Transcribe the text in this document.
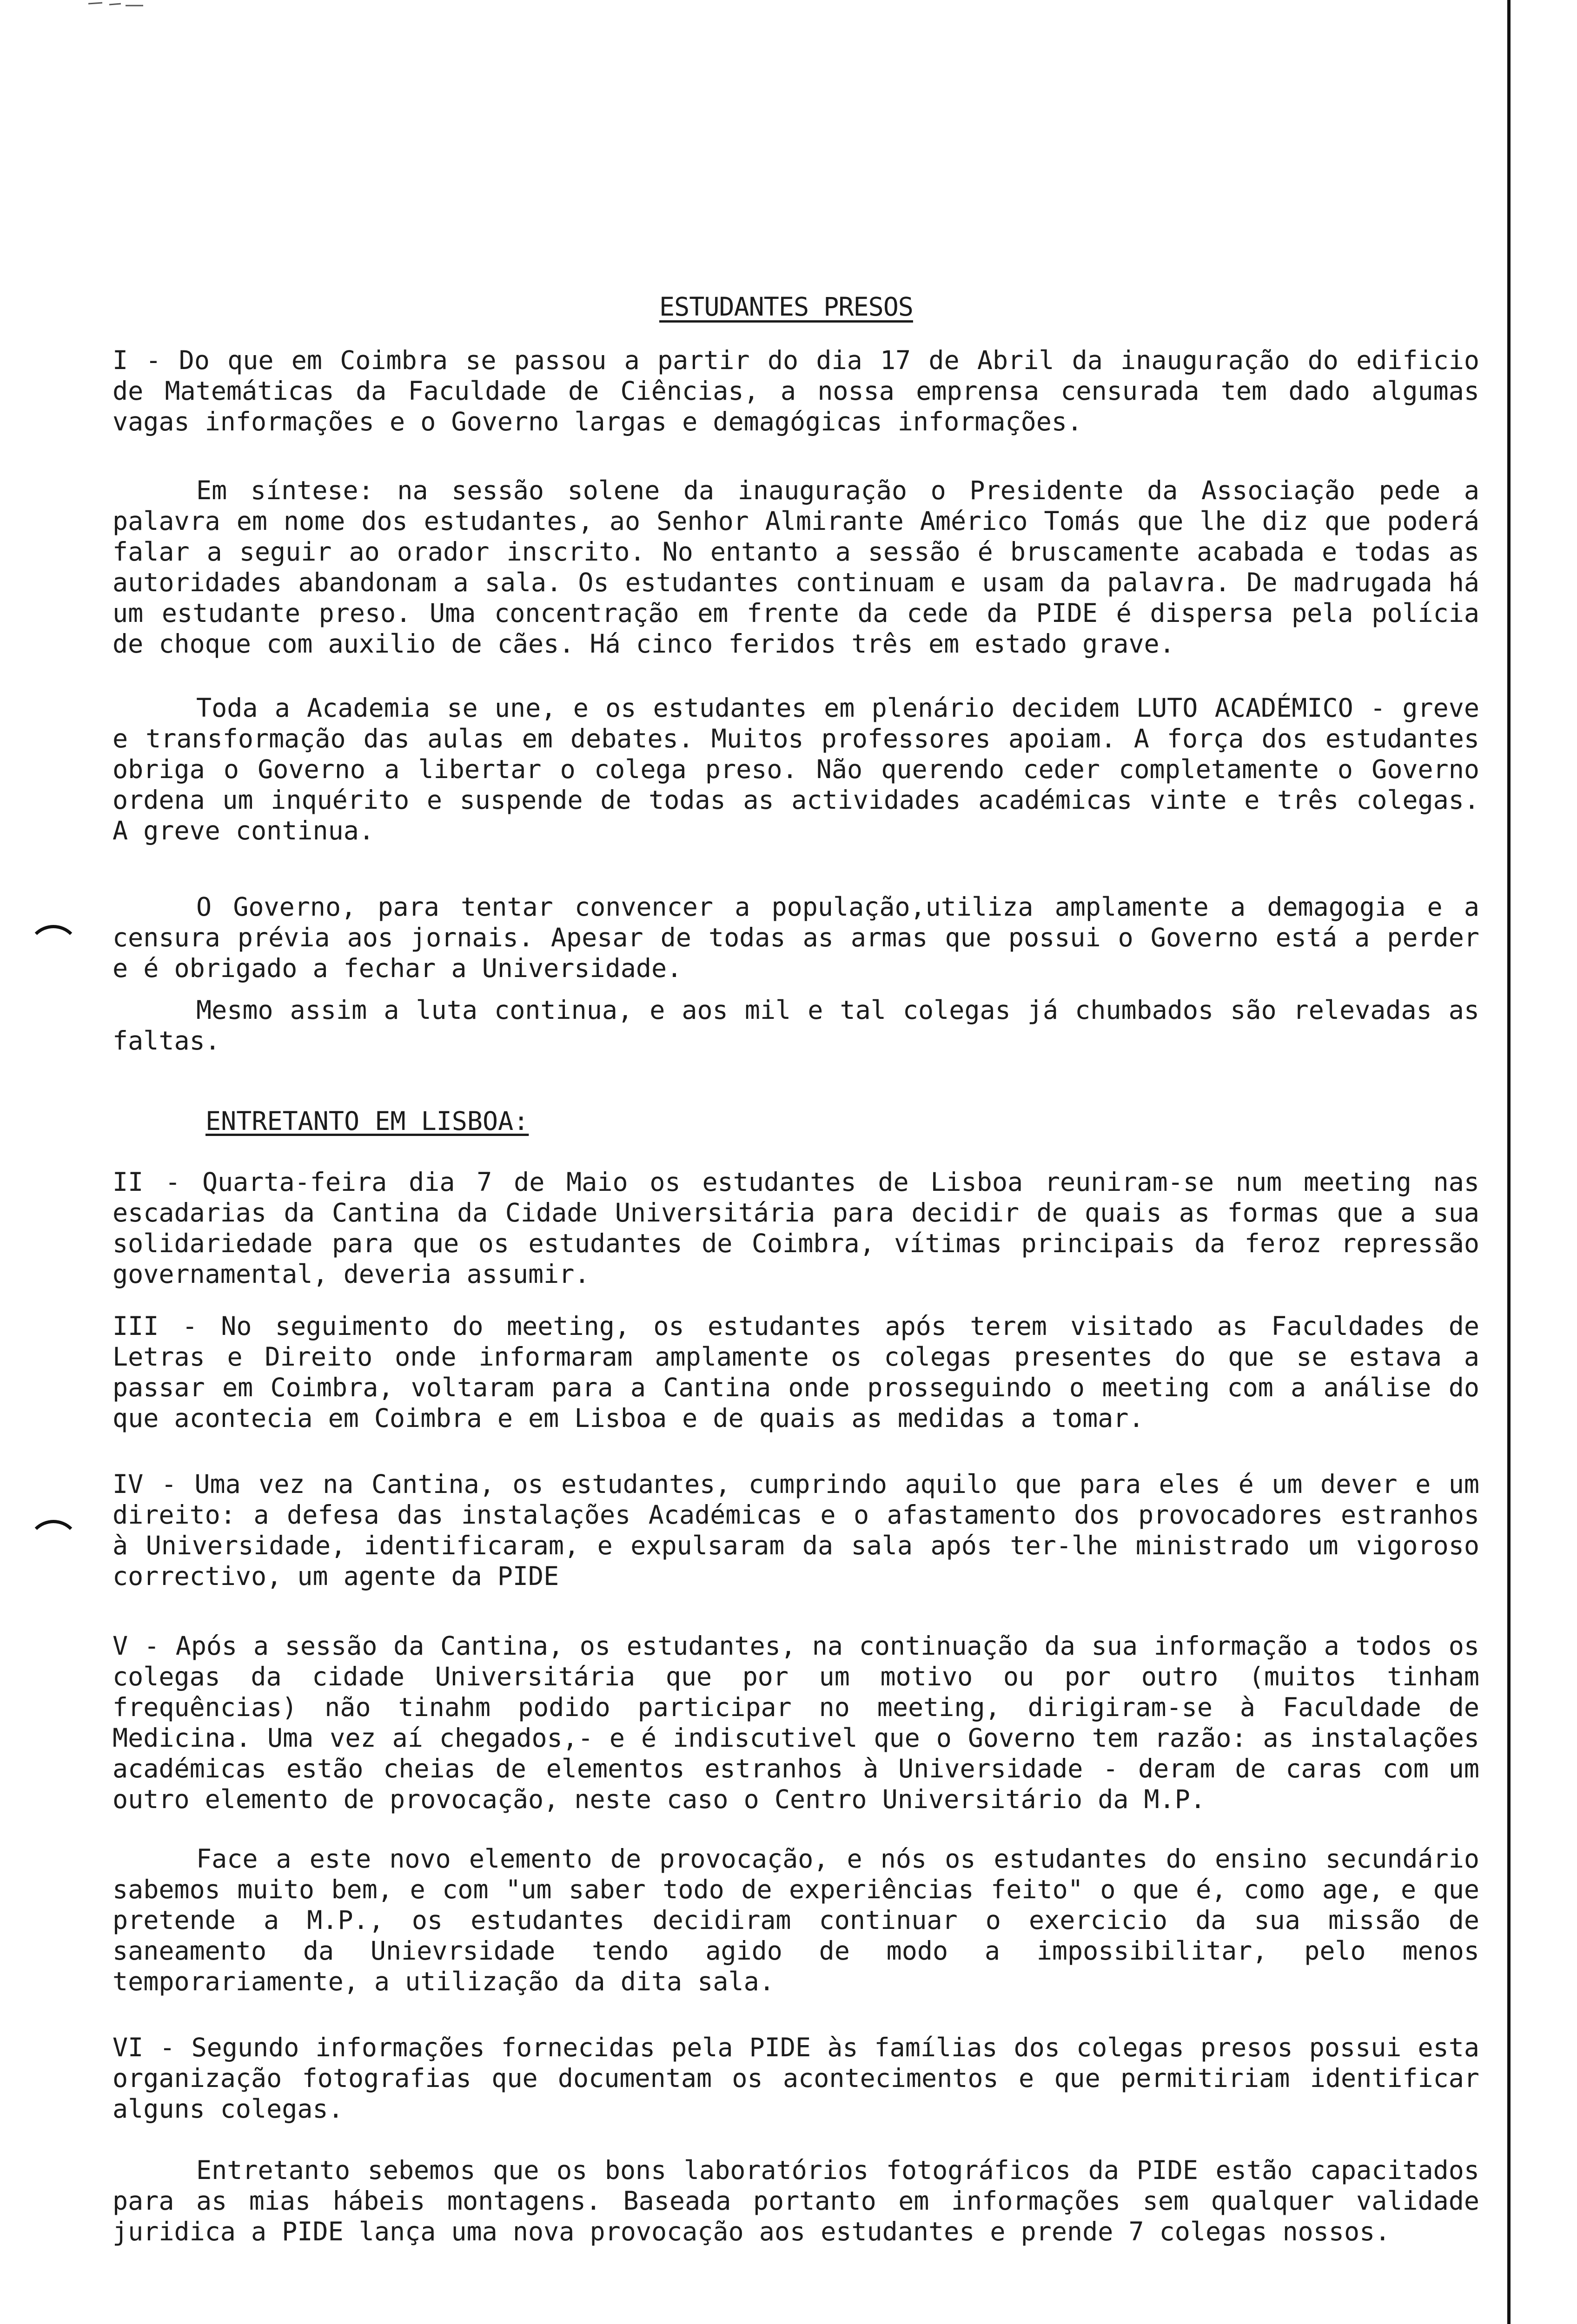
ESTUDANTES PRESOS

I - Do que em Coimbra se passou a partir do dia 17 de Abril da inauguração do edificio de Matemáticas da Faculdade de Ciências, a nossa emprensa censurada tem dado algumas vagas informações e o Governo largas e demagógicas informações.

Em síntese: na sessão solene da inauguração o Presidente da Associação pede a palavra em nome dos estudantes, ao Senhor Almirante Américo Tomás que lhe diz que poderá falar a seguir ao orador inscrito. No entanto a sessão é bruscamente acabada e todas as autoridades abandonam a sala. Os estudantes continuam e usam da palavra. De madrugada há um estudante preso. Uma concentração em frente da cede da PIDE é dispersa pela polícia de choque com auxilio de cães. Há cinco feridos três em estado grave.

Toda a Academia se une, e os estudantes em plenário decidem LUTO ACADÉMICO - greve e transformação das aulas em debates. Muitos professores apoiam. A força dos estudantes obriga o Governo a libertar o colega preso. Não querendo ceder completamente o Governo ordena um inquérito e suspende de todas as actividades académicas vinte e três colegas. A greve continua.

O Governo, para tentar convencer a população,utiliza amplamente a demagogia e a censura prévia aos jornais. Apesar de todas as armas que possui o Governo está a perder e é obrigado a fechar a Universidade.

Mesmo assim a luta continua, e aos mil e tal colegas já chumbados são relevadas as faltas.

ENTRETANTO EM LISBOA:

II - Quarta-feira dia 7 de Maio os estudantes de Lisboa reuniram-se num meeting nas escadarias da Cantina da Cidade Universitária para decidir de quais as formas que a sua solidariedade para que os estudantes de Coimbra, vítimas principais da feroz repressão governamental, deveria assumir.

III - No seguimento do meeting, os estudantes após terem visitado as Faculdades de Letras e Direito onde informaram amplamente os colegas presentes do que se estava a passar em Coimbra, voltaram para a Cantina onde prosseguindo o meeting com a análise do que acontecia em Coimbra e em Lisboa e de quais as medidas a tomar.

IV - Uma vez na Cantina, os estudantes, cumprindo aquilo que para eles é um dever e um direito: a defesa das instalações Académicas e o afastamento dos provocadores estranhos à Universidade, identificaram, e expulsaram da sala após ter-lhe ministrado um vigoroso correctivo, um agente da PIDE

V - Após a sessão da Cantina, os estudantes, na continuação da sua informação a todos os colegas da cidade Universitária que por um motivo ou por outro (muitos tinham frequências) não tinahm podido participar no meeting, dirigiram-se à Faculdade de Medicina. Uma vez aí chegados,- e é indiscutivel que o Governo tem razão: as instalações académicas estão cheias de elementos estranhos à Universidade - deram de caras com um outro elemento de provocação, neste caso o Centro Universitário da M.P.

Face a este novo elemento de provocação, e nós os estudantes do ensino secundário sabemos muito bem, e com "um saber todo de experiências feito" o que é, como age, e que pretende a M.P., os estudantes decidiram continuar o exercicio da sua missão de saneamento da Unievrsidade tendo agido de modo a impossibilitar, pelo menos temporariamente, a utilização da dita sala.

VI - Segundo informações fornecidas pela PIDE às famílias dos colegas presos possui esta organização fotografias que documentam os acontecimentos e que permitiriam identificar alguns colegas.

Entretanto sebemos que os bons laboratórios fotográficos da PIDE estão capacitados para as mias hábeis montagens. Baseada portanto em informações sem qualquer validade juridica a PIDE lança uma nova provocação aos estudantes e prende 7 colegas nossos.
